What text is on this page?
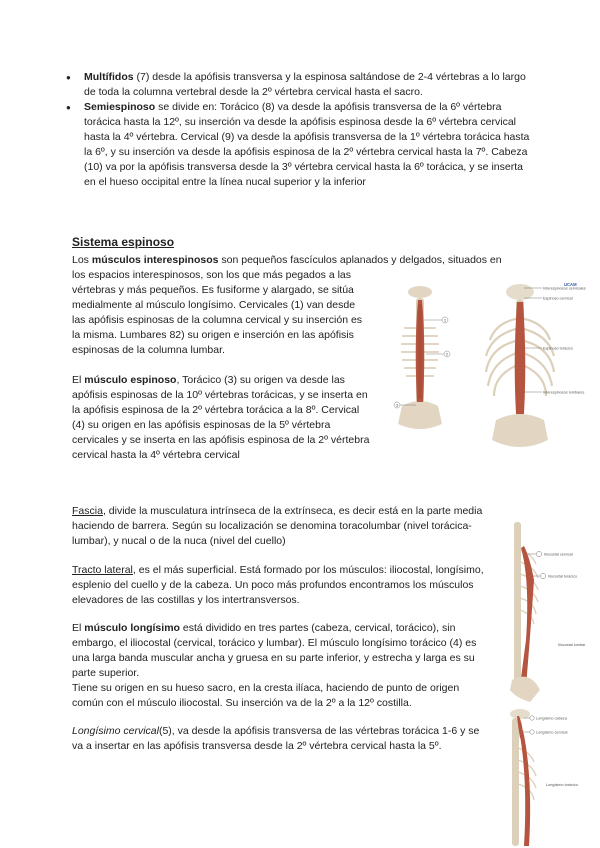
● Multífidos (7) desde la apófisis transversa y la espinosa saltándose de 2-4 vértebras a lo largo de toda la columna vertebral desde la 2º vértebra cervical hasta el sacro.
● Semiespinoso se divide en: Torácico (8) va desde la apófisis transversa de la 6º vértebra torácica hasta la 12º, su inserción va desde la apófisis espinosa desde la 6º vértebra cervical hasta la 4º vértebra. Cervical (9) va desde la apófisis transversa de la 1º vértebra torácica hasta la 6º, y su inserción va desde la apófisis espinosa de la 2º vértebra cervical hasta la 7º. Cabeza (10) va por la apófisis transversa desde la 3º vértebra cervical hasta la 6º torácica, y se inserta en el hueso occipital entre la línea nucal superior y la inferior
Sistema espinoso

Los músculos interespinosos son pequeños fascículos aplanados y delgados, situados en

los espacios interespinosos, son los que más pegados a las vértebras y más pequeños. Es fusiforme y alargado, se sitúa medialmente al músculo longísimo. Cervicales (1) van desde las apófisis espinosas de la columna cervical y su inserción es la misma. Lumbares 82) su origen e inserción en las apófisis espinosas de la columna lumbar.

El músculo espinoso, Torácico (3) su origen va desde las apófisis espinosas de la 10º vértebras torácicas, y se inserta en la apófisis espinosa de la 2º vértebra torácica a la 8º. Cervical (4) su origen en las apófisis espinosas de la 5º vértebra cervicales y se inserta en las apófisis espinosa de la 2º vértebra cervical hasta la 4º vértebra cervical

1
2
3
UCAM
Interespinosos cervicales
Espinoso cervical
Espinoso torácico
Interespinosos lumbares

Fascia, divide la musculatura intrínseca de la extrínseca, es decir está en la parte media haciendo de barrera. Según su localización se denomina toracolumbar (nivel torácica-lumbar), y nucal o de la nuca (nivel del cuello)

Tracto lateral, es el más superficial. Está formado por los músculos: iliocostal, longísimo, esplenio del cuello y de la cabeza. Un poco más profundos encontramos los músculos elevadores de las costillas y los intertransversos.

El músculo longísimo está dividido en tres partes (cabeza, cervical, torácico), sin embargo, el iliocostal (cervical, torácico y lumbar). El músculo longísimo torácico (4) es una larga banda muscular ancha y gruesa en su parte inferior, y estrecha y larga es su parte superior.
Tiene su origen en su hueso sacro, en la cresta ilíaca, haciendo de punto de origen común con el músculo iliocostal. Su inserción va de la 2º a la 12º costilla.

Longísimo cervical(5), va desde la apófisis transversa de las vértebras torácica 1-6 y se va a insertar en las apófisis transversa desde la 2º vértebra cervical hasta la 5º.

Iliocostal cervical
Iliocostal torácico
Iliocostal lumbar
Longísimo cabeza
Longísimo cervical
Longísimo torácico
